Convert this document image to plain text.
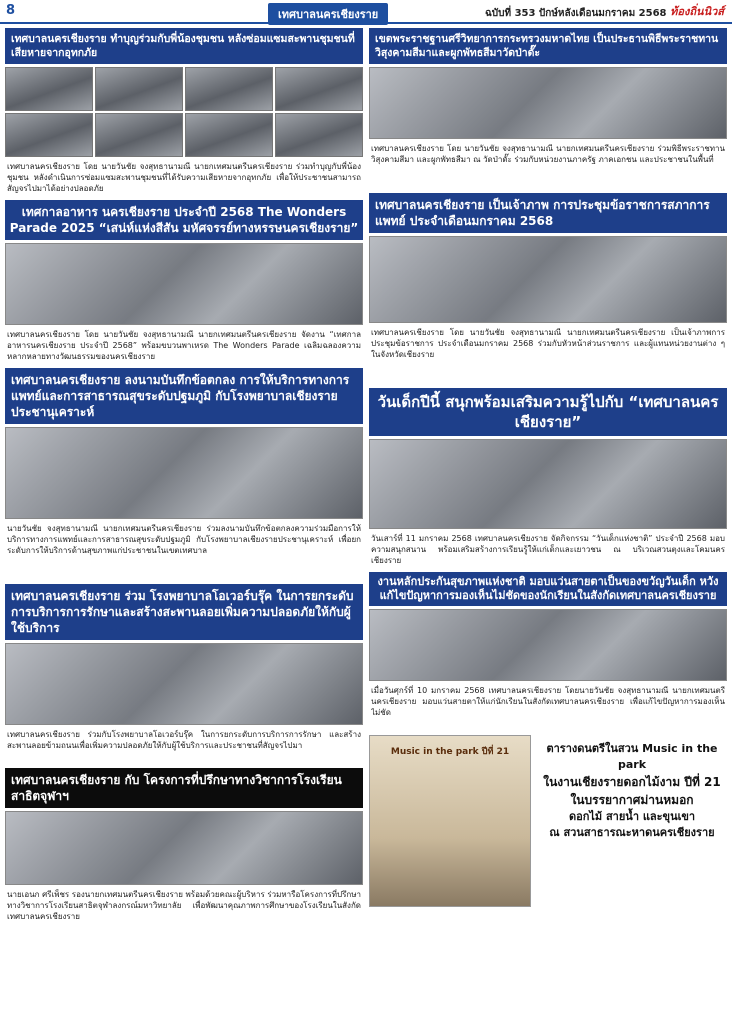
8	เทศบาลนครเชียงราย	ฉบับที่ 353 ปักษ์หลังเดือนมกราคม 2568 ท้องถิ่นนิวส์
เทศบาลนครเชียงราย ทำบุญร่วมกับพี่น้องชุมชน หลังซ่อมแซมสะพานชุมชนที่เสียหายจากอุทกภัย
เทศบาลนครเชียงราย โดย นายวันชัย จงสุทธานามณี นายกเทศมนตรีนครเชียงราย ร่วมทำบุญกับพี่น้องชุมชน หลังดำเนินการซ่อมแซมสะพานชุมชนที่ได้รับความเสียหายจากอุทกภัย เพื่อให้ประชาชนสามารถสัญจรไปมาได้อย่างปลอดภัย
เทศกาลอาหาร นครเชียงราย ประจำปี 2568 The Wonders Parade 2025 “เสน่ห์แห่งสีสัน มหัศจรรย์ทางหรรษนครเชียงราย”
เทศบาลนครเชียงราย โดย นายวันชัย จงสุทธานามณี นายกเทศมนตรีนครเชียงราย จัดงาน “เทศกาลอาหารนครเชียงราย ประจำปี 2568” พร้อมขบวนพาเหรด The Wonders Parade เฉลิมฉลองความหลากหลายทางวัฒนธรรมของนครเชียงราย
เทศบาลนครเชียงราย ลงนามบันทึกข้อตกลง การให้บริการทางการแพทย์และการสาธารณสุขระดับปฐมภูมิ กับโรงพยาบาลเชียงรายประชานุเคราะห์
นายวันชัย จงสุทธานามณี นายกเทศมนตรีนครเชียงราย ร่วมลงนามบันทึกข้อตกลงความร่วมมือการให้บริการทางการแพทย์และการสาธารณสุขระดับปฐมภูมิ กับโรงพยาบาลเชียงรายประชานุเคราะห์ เพื่อยกระดับการให้บริการด้านสุขภาพแก่ประชาชนในเขตเทศบาล
เทศบาลนครเชียงราย ร่วม โรงพยาบาลโอเวอร์บรุ๊ค ในการยกระดับการบริการการรักษาและสร้างสะพานลอยเพิ่มความปลอดภัยให้กับผู้ใช้บริการ
เทศบาลนครเชียงราย ร่วมกับโรงพยาบาลโอเวอร์บรุ๊ค ในการยกระดับการบริการการรักษา และสร้างสะพานลอยข้ามถนนเพื่อเพิ่มความปลอดภัยให้กับผู้ใช้บริการและประชาชนที่สัญจรไปมา
เทศบาลนครเชียงราย กับ โครงการที่ปรึกษาทางวิชาการโรงเรียนสาธิตจุฬาฯ
นายเอนก ศรีเพ็ชร รองนายกเทศมนตรีนครเชียงราย พร้อมด้วยคณะผู้บริหาร ร่วมหารือโครงการที่ปรึกษาทางวิชาการโรงเรียนสาธิตจุฬาลงกรณ์มหาวิทยาลัย เพื่อพัฒนาคุณภาพการศึกษาของโรงเรียนในสังกัดเทศบาลนครเชียงราย
เขตพระราชฐานศรีวิทยาการกระทรวงมหาดไทย เป็นประธานพิธีพระราชทานวิสุงคามสีมาและผูกพัทธสีมาวัดป่าดั๊ะ
เทศบาลนครเชียงราย โดย นายวันชัย จงสุทธานามณี นายกเทศมนตรีนครเชียงราย ร่วมพิธีพระราชทานวิสุงคามสีมา และผูกพัทธสีมา ณ วัดป่าดั๊ะ ร่วมกับหน่วยงานภาครัฐ ภาคเอกชน และประชาชนในพื้นที่
เทศบาลนครเชียงราย เป็นเจ้าภาพ การประชุมข้อราชการสภาการแพทย์ ประจำเดือนมกราคม 2568
เทศบาลนครเชียงราย โดย นายวันชัย จงสุทธานามณี นายกเทศมนตรีนครเชียงราย เป็นเจ้าภาพการประชุมข้อราชการ ประจำเดือนมกราคม 2568 ร่วมกับหัวหน้าส่วนราชการ และผู้แทนหน่วยงานต่าง ๆ ในจังหวัดเชียงราย
วันเด็กปีนี้ สนุกพร้อมเสริมความรู้ไปกับ “เทศบาลนครเชียงราย”
วันเสาร์ที่ 11 มกราคม 2568 เทศบาลนครเชียงราย จัดกิจกรรม “วันเด็กแห่งชาติ” ประจำปี 2568 มอบความสนุกสนาน พร้อมเสริมสร้างการเรียนรู้ให้แก่เด็กและเยาวชน ณ บริเวณสวนตุงและโคมนครเชียงราย
งานหลักประกันสุขภาพแห่งชาติ มอบแว่นสายตาเป็นของขวัญวันเด็ก หวังแก้ไขปัญหาการมองเห็นไม่ชัดของนักเรียนในสังกัดเทศบาลนครเชียงราย
เมื่อวันศุกร์ที่ 10 มกราคม 2568 เทศบาลนครเชียงราย โดยนายวันชัย จงสุทธานามณี นายกเทศมนตรีนครเชียงราย มอบแว่นสายตาให้แก่นักเรียนในสังกัดเทศบาลนครเชียงราย เพื่อแก้ไขปัญหาการมองเห็นไม่ชัด
Music in the park ปีที่ 21	ตารางดนตรีในสวน Music in the park
ในงานเชียงรายดอกไม้งาม ปีที่ 21
ในบรรยากาศม่านหมอก
ดอกไม้ สายน้ำ และขุนเขา
ณ สวนสาธารณะหาดนครเชียงราย
